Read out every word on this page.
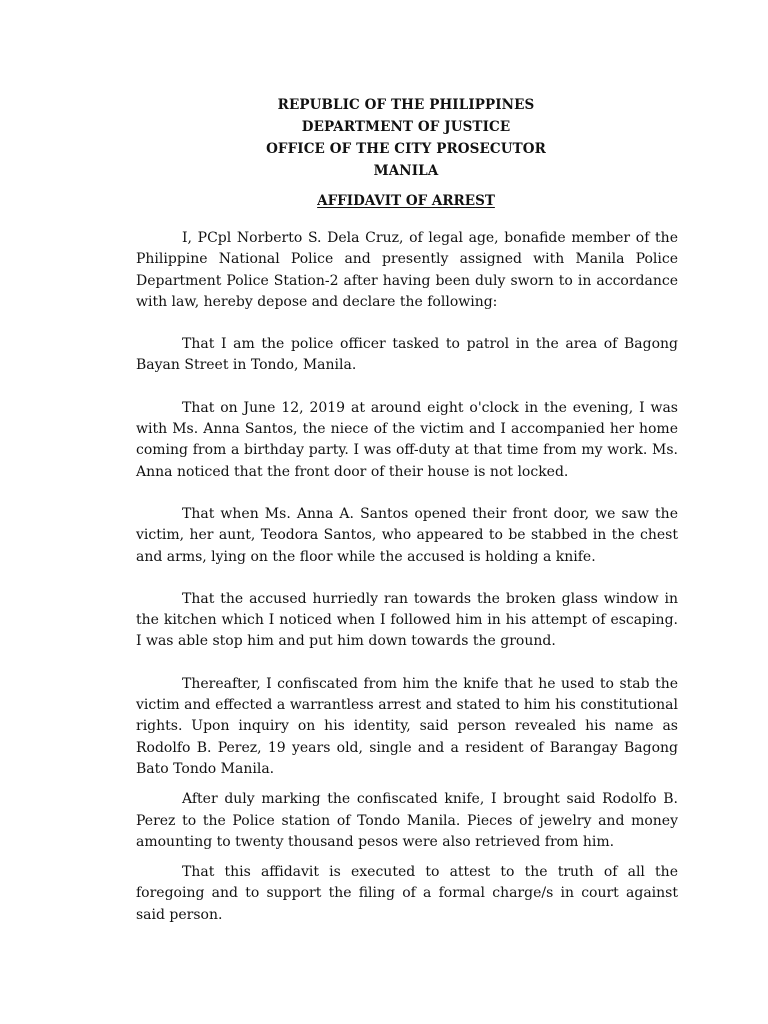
REPUBLIC OF THE PHILIPPINES
DEPARTMENT OF JUSTICE
OFFICE OF THE CITY PROSECUTOR
MANILA
AFFIDAVIT OF ARREST

I, PCpl Norberto S. Dela Cruz, of legal age, bonafide member of the Philippine National Police and presently assigned with Manila Police Department Police Station-2 after having been duly sworn to in accordance with law, hereby depose and declare the following:

That I am the police officer tasked to patrol in the area of Bagong Bayan Street in Tondo, Manila.

That on June 12, 2019 at around eight o'clock in the evening, I was with Ms. Anna Santos, the niece of the victim and I accompanied her home coming from a birthday party. I was off-duty at that time from my work. Ms. Anna noticed that the front door of their house is not locked.

That when Ms. Anna A. Santos opened their front door, we saw the victim, her aunt, Teodora Santos, who appeared to be stabbed in the chest and arms, lying on the floor while the accused is holding a knife.

That the accused hurriedly ran towards the broken glass window in the kitchen which I noticed when I followed him in his attempt of escaping. I was able stop him and put him down towards the ground.

Thereafter, I confiscated from him the knife that he used to stab the victim and effected a warrantless arrest and stated to him his constitutional rights. Upon inquiry on his identity, said person revealed his name as Rodolfo B. Perez, 19 years old, single and a resident of Barangay Bagong Bato Tondo Manila.

After duly marking the confiscated knife, I brought said Rodolfo B. Perez to the Police station of Tondo Manila. Pieces of jewelry and money amounting to twenty thousand pesos were also retrieved from him.

That this affidavit is executed to attest to the truth of all the foregoing and to support the filing of a formal charge/s in court against said person.
